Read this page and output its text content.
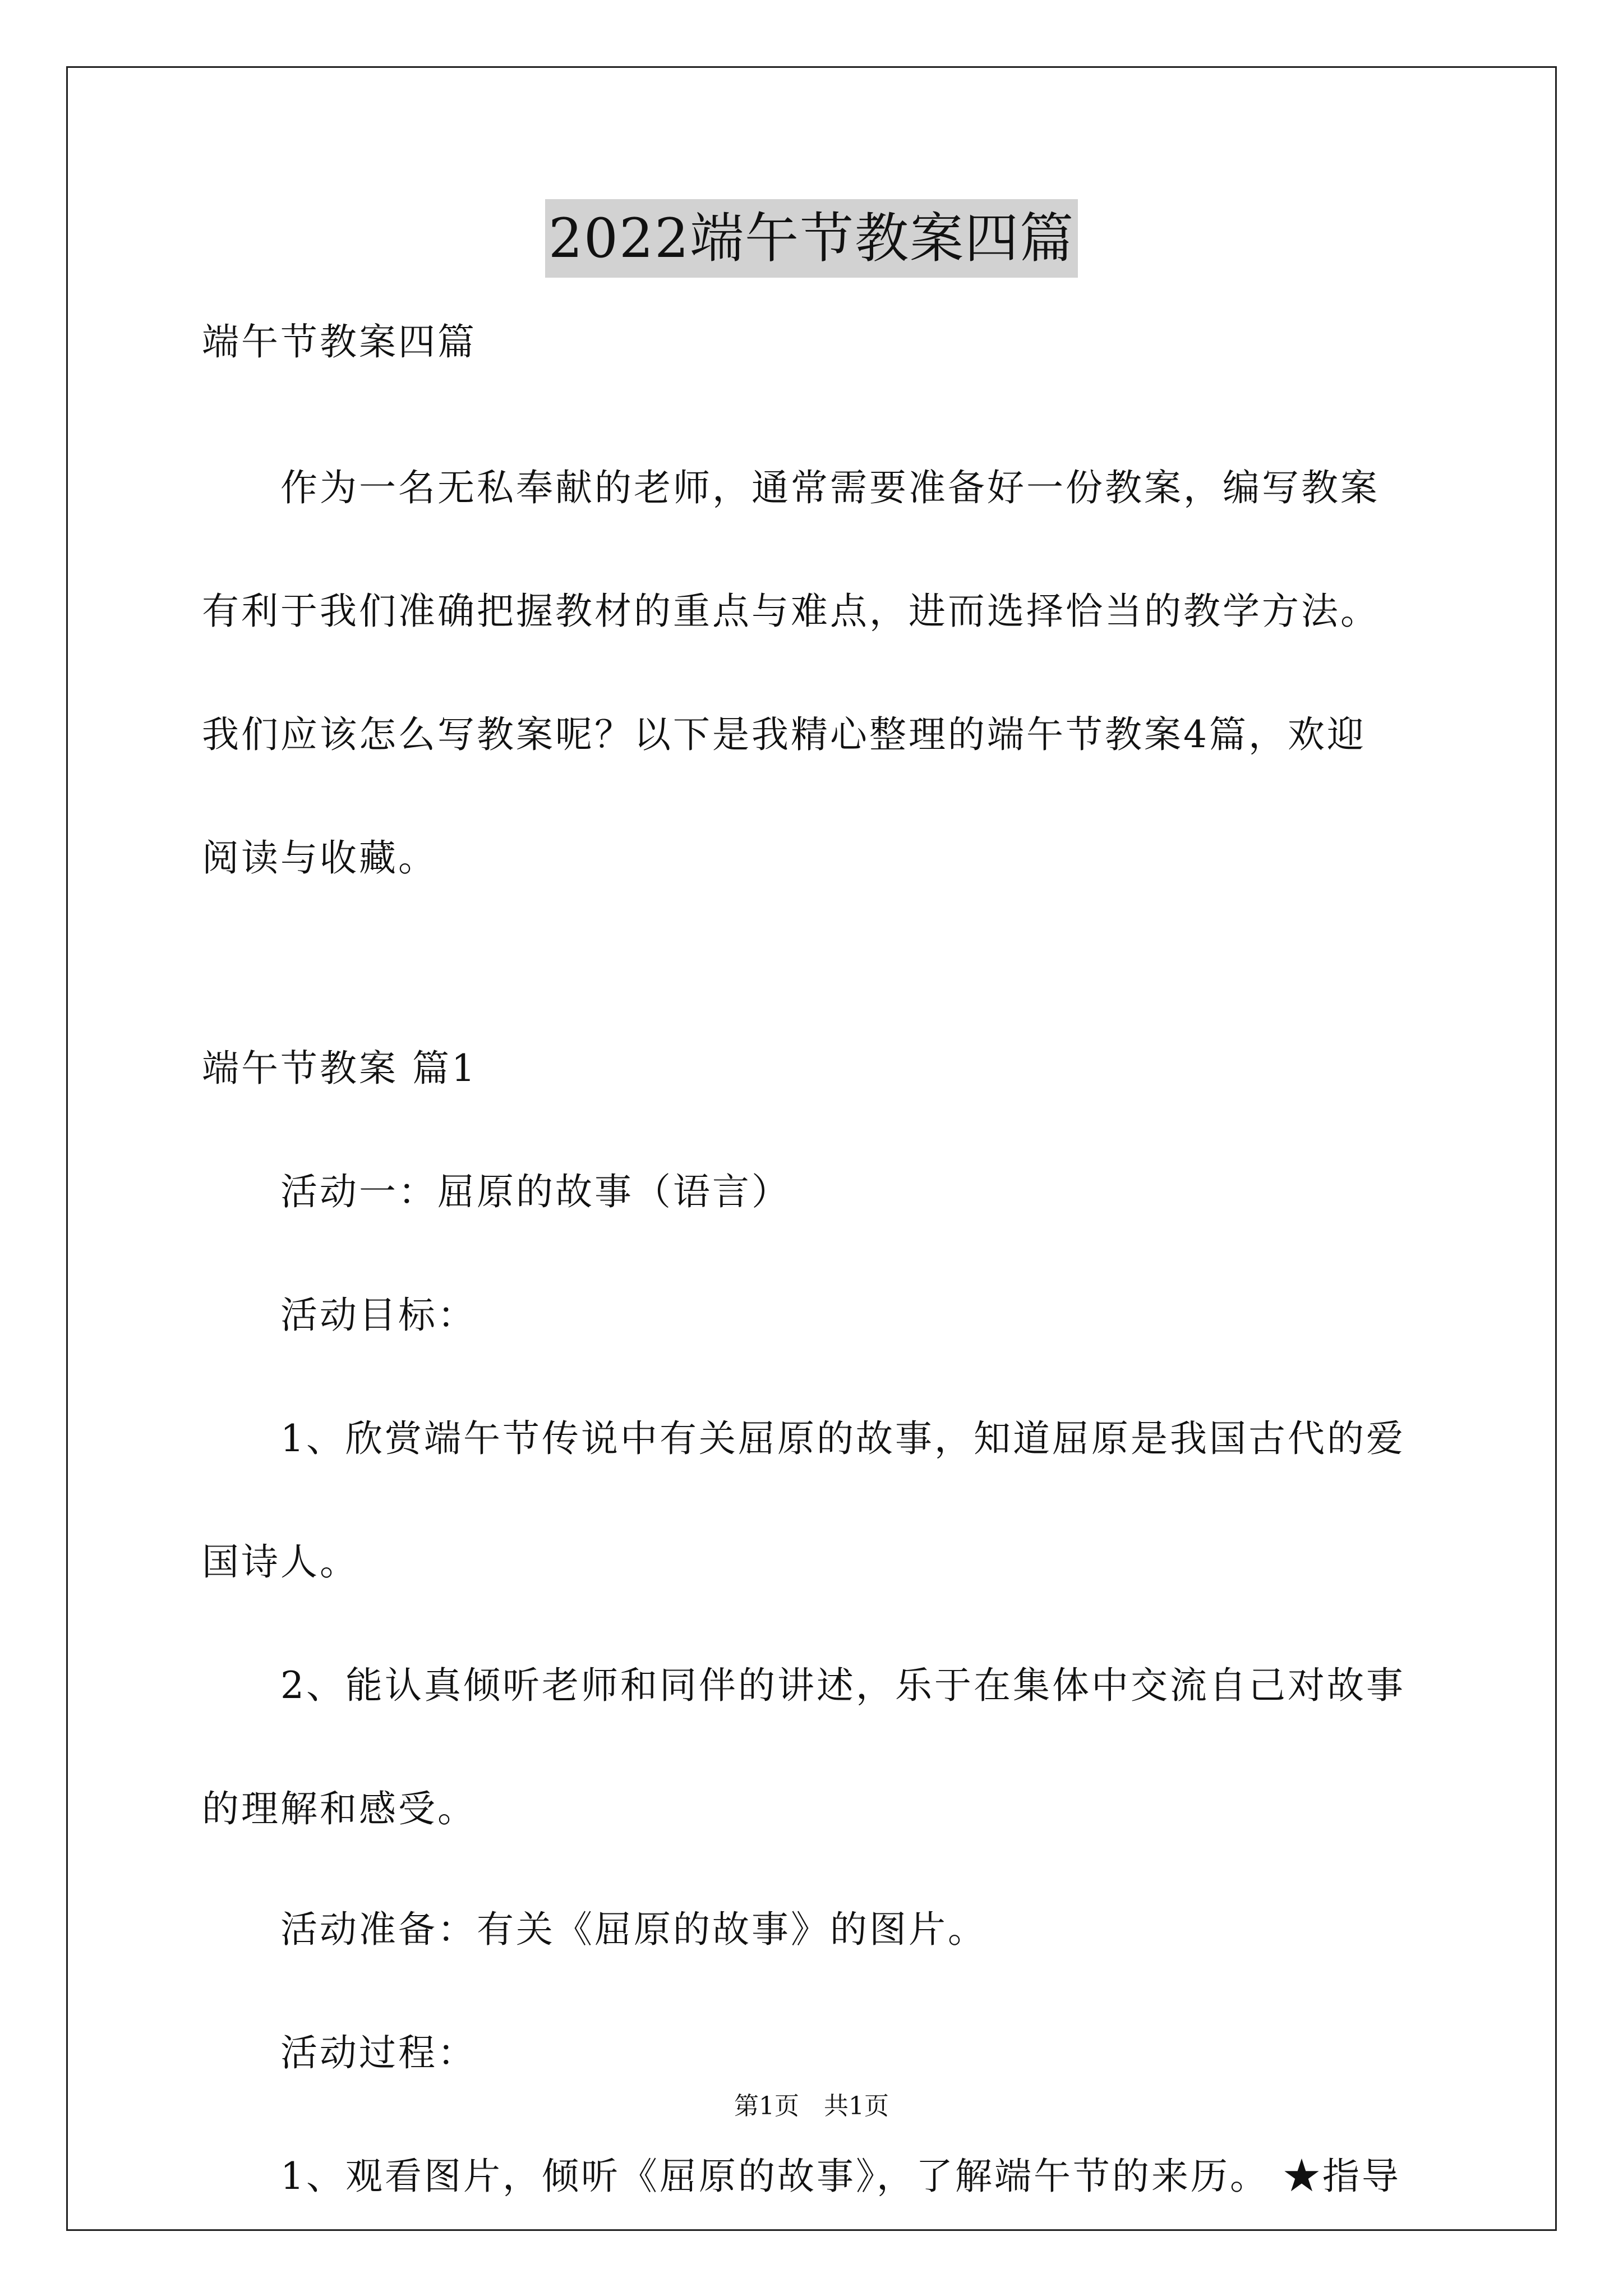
2022端午节教案四篇
端午节教案四篇
作为一名无私奉献的老师，通常需要准备好一份教案，编写教案
有利于我们准确把握教材的重点与难点，进而选择恰当的教学方法。
我们应该怎么写教案呢？以下是我精心整理的端午节教案4篇，欢迎
阅读与收藏。
端午节教案 篇1
活动一：屈原的故事（语言）
活动目标：
1、欣赏端午节传说中有关屈原的故事，知道屈原是我国古代的爱
国诗人。
2、能认真倾听老师和同伴的讲述，乐于在集体中交流自己对故事
的理解和感受。
活动准备：有关《屈原的故事》的图片。
活动过程：
1、观看图片，倾听《屈原的故事》，了解端午节的来历。 ★指导
第1页　共1页
